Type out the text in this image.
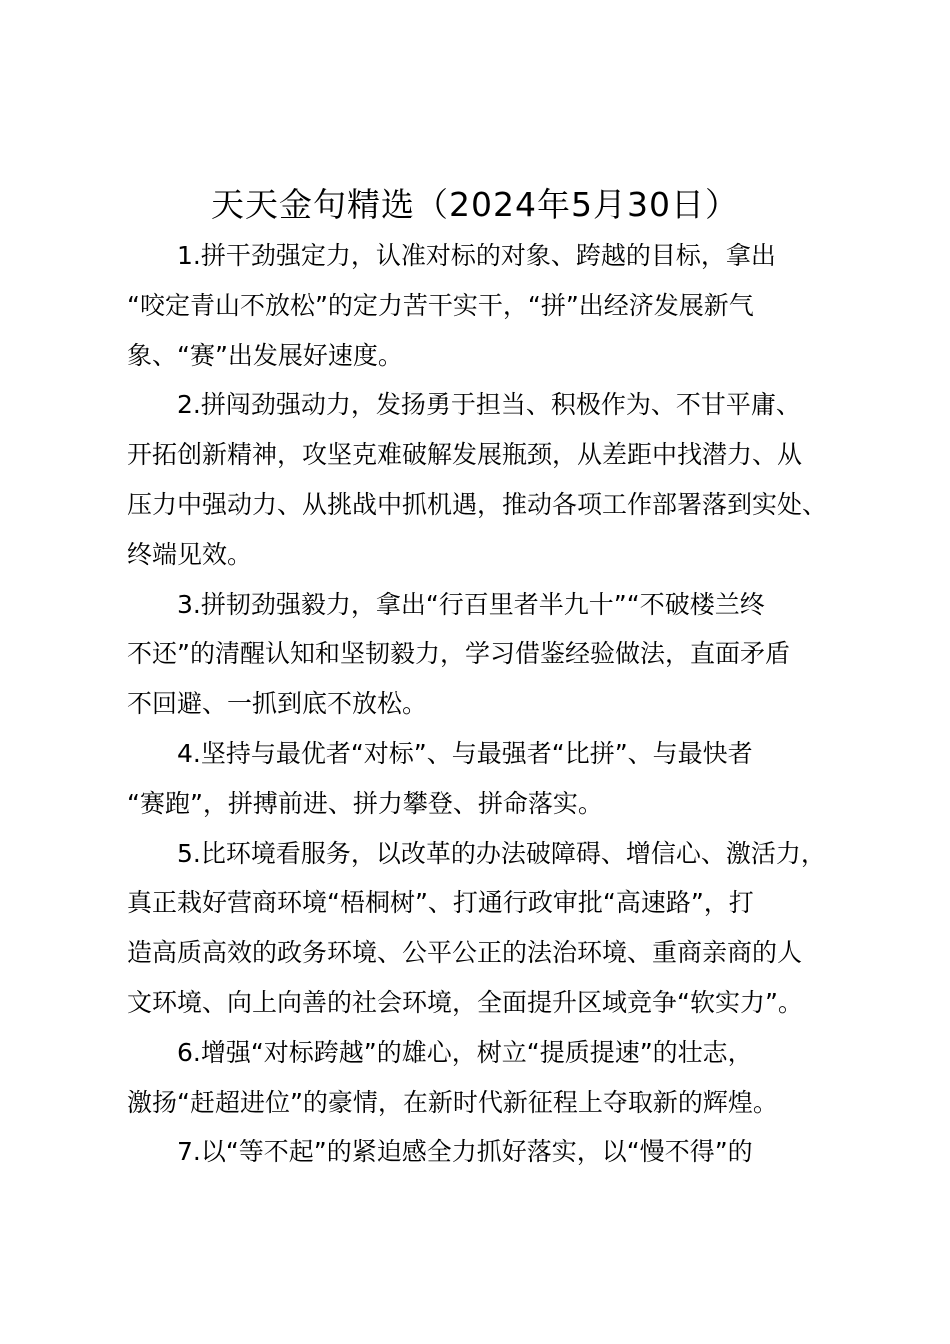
天天金句精选（2024年5月30日）
1.拼干劲强定力，认准对标的对象、跨越的目标，拿出
“咬定青山不放松”的定力苦干实干，“拼”出经济发展新气
象、“赛”出发展好速度。
2.拼闯劲强动力，发扬勇于担当、积极作为、不甘平庸、
开拓创新精神，攻坚克难破解发展瓶颈，从差距中找潜力、从
压力中强动力、从挑战中抓机遇，推动各项工作部署落到实处、
终端见效。
3.拼韧劲强毅力，拿出“行百里者半九十”“不破楼兰终
不还”的清醒认知和坚韧毅力，学习借鉴经验做法，直面矛盾
不回避、一抓到底不放松。
4.坚持与最优者“对标”、与最强者“比拼”、与最快者
“赛跑”，拼搏前进、拼力攀登、拼命落实。
5.比环境看服务，以改革的办法破障碍、增信心、激活力，
真正栽好营商环境“梧桐树”、打通行政审批“高速路”，打
造高质高效的政务环境、公平公正的法治环境、重商亲商的人
文环境、向上向善的社会环境，全面提升区域竞争“软实力”。
6.增强“对标跨越”的雄心，树立“提质提速”的壮志，
激扬“赶超进位”的豪情，在新时代新征程上夺取新的辉煌。
7.以“等不起”的紧迫感全力抓好落实，以“慢不得”的
